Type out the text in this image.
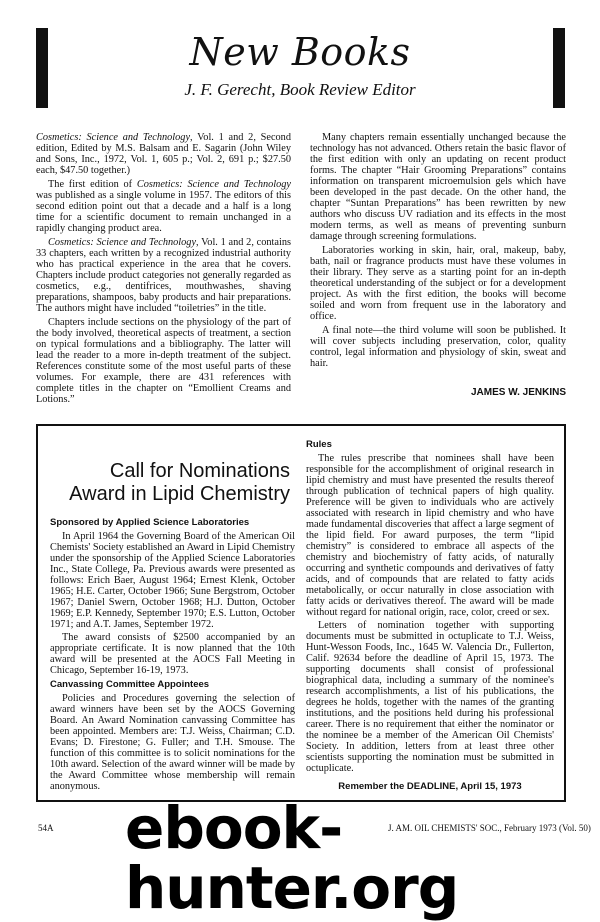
New Books
J. F. Gerecht, Book Review Editor

Cosmetics: Science and Technology, Vol. 1 and 2, Second edition, Edited by M.S. Balsam and E. Sagarin (John Wiley and Sons, Inc., 1972, Vol. 1, 605 p.; Vol. 2, 691 p.; $27.50 each, $47.50 together.)

The first edition of Cosmetics: Science and Technology was published as a single volume in 1957. The editors of this second edition point out that a decade and a half is a long time for a scientific document to remain unchanged in a rapidly changing product area.

Cosmetics: Science and Technology, Vol. 1 and 2, contains 33 chapters, each written by a recognized industrial authority who has practical experience in the area that he covers. Chapters include product categories not generally regarded as cosmetics, e.g., dentifrices, mouthwashes, shaving preparations, shampoos, baby products and hair preparations. The authors might have included “toiletries” in the title.

Chapters include sections on the physiology of the part of the body involved, theoretical aspects of treatment, a section on typical formulations and a bibliography. The latter will lead the reader to a more in-depth treatment of the subject. References constitute some of the most useful parts of these volumes. For example, there are 431 references with complete titles in the chapter on “Emollient Creams and Lotions.”

Many chapters remain essentially unchanged because the technology has not advanced. Others retain the basic flavor of the first edition with only an updating on recent product forms. The chapter “Hair Grooming Preparations” contains information on transparent microemulsion gels which have been developed in the past decade. On the other hand, the chapter “Suntan Preparations” has been rewritten by new authors who discuss UV radiation and its effects in the most modern terms, as well as means of preventing sunburn damage through screening formulations.

Laboratories working in skin, hair, oral, makeup, baby, bath, nail or fragrance products must have these volumes in their library. They serve as a starting point for an in-depth theoretical understanding of the subject or for a development project. As with the first edition, the books will become soiled and worn from frequent use in the laboratory and office.

A final note—the third volume will soon be published. It will cover subjects including preservation, color, quality control, legal information and physiology of skin, sweat and hair.

JAMES W. JENKINS
Call for Nominations
Award in Lipid Chemistry
Sponsored by Applied Science Laboratories

In April 1964 the Governing Board of the American Oil Chemists' Society established an Award in Lipid Chemistry under the sponsorship of the Applied Science Laboratories Inc., State College, Pa. Previous awards were presented as follows: Erich Baer, August 1964; Ernest Klenk, October 1965; H.E. Carter, October 1966; Sune Bergstrom, October 1967; Daniel Swern, October 1968; H.J. Dutton, October 1969; E.P. Kennedy, September 1970; E.S. Lutton, October 1971; and A.T. James, September 1972.

The award consists of $2500 accompanied by an appropriate certificate. It is now planned that the 10th award will be presented at the AOCS Fall Meeting in Chicago, September 16-19, 1973.

Canvassing Committee Appointees

Policies and Procedures governing the selection of award winners have been set by the AOCS Governing Board. An Award Nomination canvassing Committee has been appointed. Members are: T.J. Weiss, Chairman; C.D. Evans; D. Firestone; G. Fuller; and T.H. Smouse. The function of this committee is to solicit nominations for the 10th award. Selection of the award winner will be made by the Award Committee whose membership will remain anonymous.

Rules

The rules prescribe that nominees shall have been responsible for the accomplishment of original research in lipid chemistry and must have presented the results thereof through publication of technical papers of high quality. Preference will be given to individuals who are actively associated with research in lipid chemistry and who have made fundamental discoveries that affect a large segment of the lipid field. For award purposes, the term “lipid chemistry” is considered to embrace all aspects of the chemistry and biochemistry of fatty acids, of naturally occurring and synthetic compounds and derivatives of fatty acids, and of compounds that are related to fatty acids metabolically, or occur naturally in close association with fatty acids or derivatives thereof. The award will be made without regard for national origin, race, color, creed or sex.

Letters of nomination together with supporting documents must be submitted in octuplicate to T.J. Weiss, Hunt-Wesson Foods, Inc., 1645 W. Valencia Dr., Fullerton, Calif. 92634 before the deadline of April 15, 1973. The supporting documents shall consist of professional biographical data, including a summary of the nominee's research accomplishments, a list of his publications, the degrees he holds, together with the names of the granting institutions, and the positions held during his professional career. There is no requirement that either the nominator or the nominee be a member of the American Oil Chemists' Society. In addition, letters from at least three other scientists supporting the nomination must be submitted in octuplicate.

Remember the DEADLINE, April 15, 1973
54A	J. AM. OIL CHEMISTS' SOC., February 1973 (Vol. 50)
ebook-hunter.org
